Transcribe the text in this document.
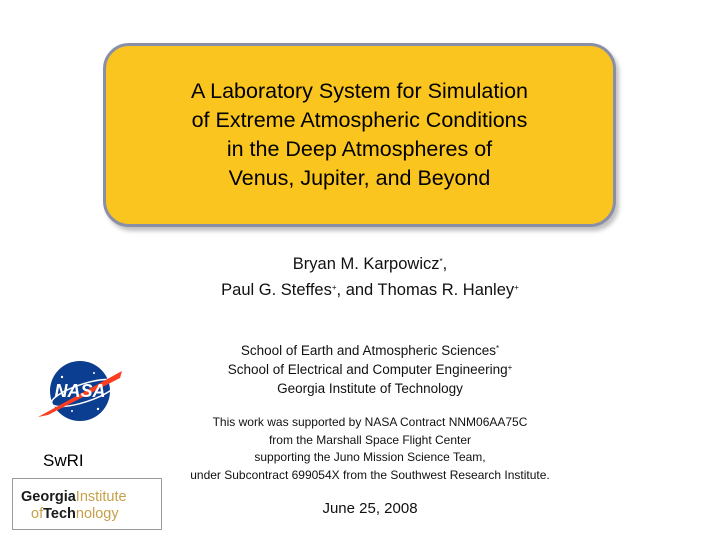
A Laboratory System for Simulation
of Extreme Atmospheric Conditions
in the Deep Atmospheres of
Venus, Jupiter, and Beyond
Bryan M. Karpowicz*,
Paul G. Steffes+, and Thomas R. Hanley+
School of Earth and Atmospheric Sciences*
School of Electrical and Computer Engineering+
Georgia Institute of Technology
This work was supported by NASA Contract NNM06AA75C
from the Marshall Space Flight Center
supporting the Juno Mission Science Team,
under Subcontract 699054X from the Southwest Research Institute.
June 25, 2008
NASA
SwRI
GeorgiaInstitute
ofTechnology
